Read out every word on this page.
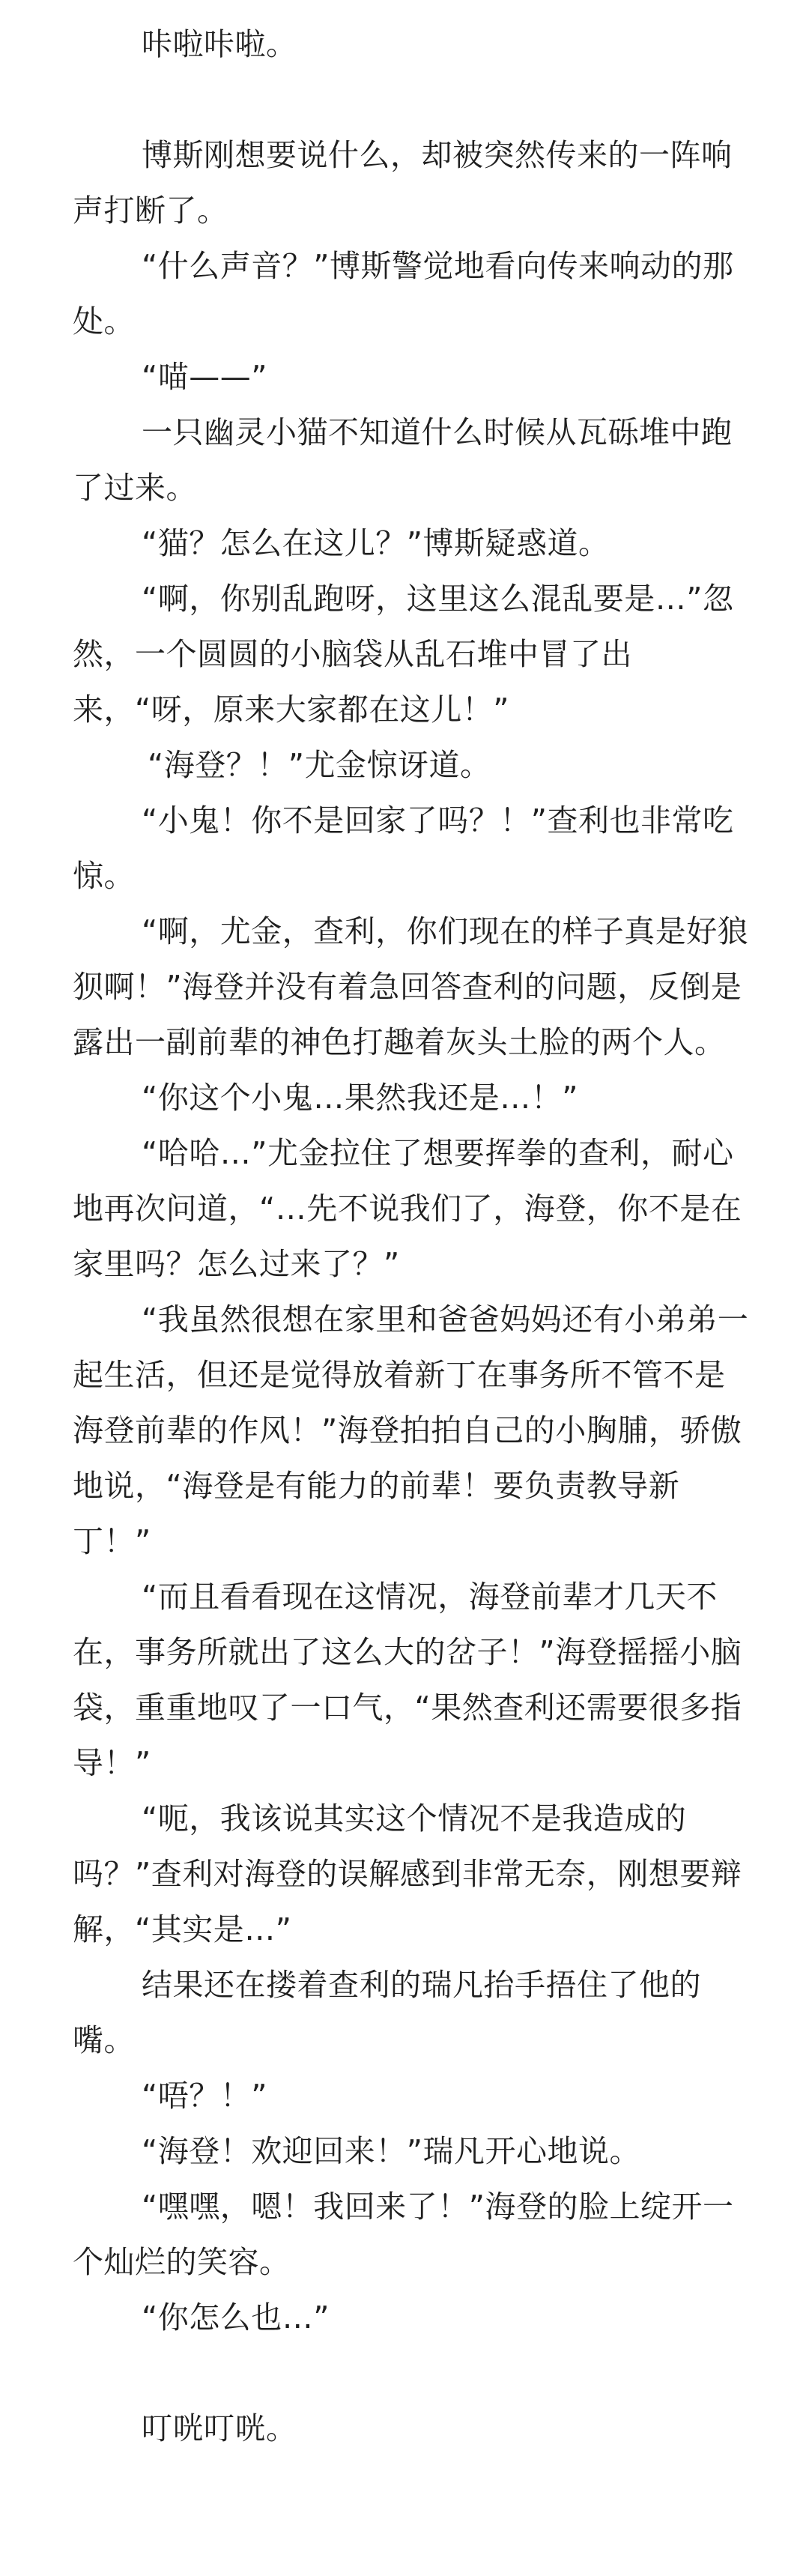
咔啦咔啦。

博斯刚想要说什么，却被突然传来的一阵响声打断了。

“什么声音？”博斯警觉地看向传来响动的那处。

“喵——”

一只幽灵小猫不知道什么时候从瓦砾堆中跑了过来。

“猫？怎么在这儿？”博斯疑惑道。

“啊，你别乱跑呀，这里这么混乱要是…”忽然，一个圆圆的小脑袋从乱石堆中冒了出来，“呀，原来大家都在这儿！”

“海登？！”尤金惊讶道。

“小鬼！你不是回家了吗？！”查利也非常吃惊。

“啊，尤金，查利，你们现在的样子真是好狼狈啊！”海登并没有着急回答查利的问题，反倒是露出一副前辈的神色打趣着灰头土脸的两个人。

“你这个小鬼…果然我还是…！”

“哈哈…”尤金拉住了想要挥拳的查利，耐心地再次问道，“…先不说我们了，海登，你不是在家里吗？怎么过来了？”

“我虽然很想在家里和爸爸妈妈还有小弟弟一起生活，但还是觉得放着新丁在事务所不管不是海登前辈的作风！”海登拍拍自己的小胸脯，骄傲地说，“海登是有能力的前辈！要负责教导新丁！”

“而且看看现在这情况，海登前辈才几天不在，事务所就出了这么大的岔子！”海登摇摇小脑袋，重重地叹了一口气，“果然查利还需要很多指导！”

“呃，我该说其实这个情况不是我造成的吗？”查利对海登的误解感到非常无奈，刚想要辩解，“其实是…”

结果还在搂着查利的瑞凡抬手捂住了他的嘴。

“唔？！”

“海登！欢迎回来！”瑞凡开心地说。

“嘿嘿，嗯！我回来了！”海登的脸上绽开一个灿烂的笑容。

“你怎么也…”

叮咣叮咣。
